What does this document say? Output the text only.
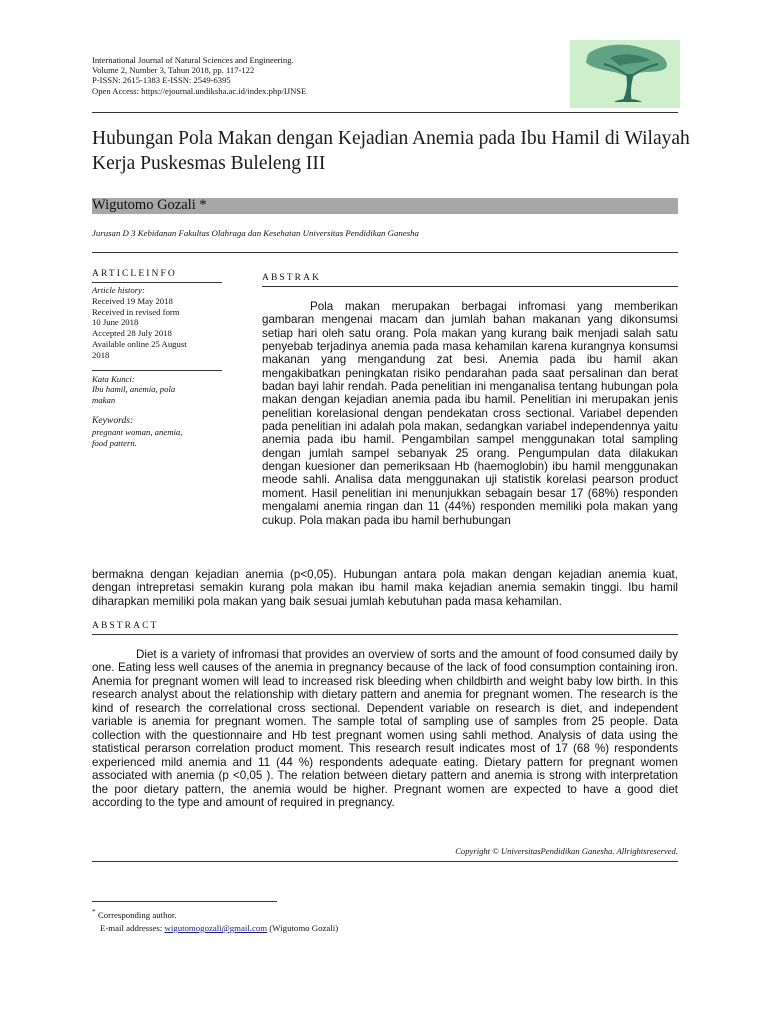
International Journal of Natural Sciences and Engineering.
Volume 2, Number 3, Tahun 2018, pp. 117-122
P-ISSN: 2615-1383 E-ISSN: 2549-6395
Open Access: https://ejournal.undiksha.ac.id/index.php/IJNSE
Hubungan Pola Makan dengan Kejadian Anemia pada Ibu Hamil di Wilayah Kerja Puskesmas Buleleng III
Wigutomo Gozali *
Jurusan D 3 Kebidanan Fakultas Olahraga dan Kesehatan Universitas Pendidikan Ganesha
ARTICLEINFO
Article history:
Received 19 May 2018
Received in revised form
10 June 2018
Accepted 28 July 2018
Available online 25 August
2018
Kata Kunci:
Ibu hamil, anemia, pola
makan
Keywords:
pregnant woman, anemia,
food pattern.
ABSTRAK
Pola makan merupakan berbagai infromasi yang memberikan gambaran mengenai macam dan jumlah bahan makanan yang dikonsumsi setiap hari oleh satu orang. Pola makan yang kurang baik menjadi salah satu penyebab terjadinya anemia pada masa kehamilan karena kurangnya konsumsi makanan yang mengandung zat besi. Anemia pada ibu hamil akan mengakibatkan peningkatan risiko pendarahan pada saat persalinan dan berat badan bayi lahir rendah. Pada penelitian ini menganalisa tentang hubungan pola makan dengan kejadian anemia pada ibu hamil. Penelitian ini merupakan jenis penelitian korelasional dengan pendekatan cross sectional. Variabel dependen pada penelitian ini adalah pola makan, sedangkan variabel independennya yaitu anemia pada ibu hamil. Pengambilan sampel menggunakan total sampling dengan jumlah sampel sebanyak 25 orang. Pengumpulan data dilakukan dengan kuesioner dan pemeriksaan Hb (haemoglobin) ibu hamil menggunakan meode sahli. Analisa data menggunakan uji statistik korelasi pearson product moment. Hasil penelitian ini menunjukkan sebagain besar 17 (68%) responden mengalami anemia ringan dan 11 (44%) responden memiliki pola makan yang cukup. Pola makan pada ibu hamil berhubungan
bermakna dengan kejadian anemia (p<0,05). Hubungan antara pola makan dengan kejadian anemia kuat, dengan intrepretasi semakin kurang pola makan ibu hamil maka kejadian anemia semakin tinggi. Ibu hamil diharapkan memiliki pola makan yang baik sesuai jumlah kebutuhan pada masa kehamilan.
ABSTRACT
Diet is a variety of infromasi that provides an overview of sorts and the amount of food consumed daily by one. Eating less well causes of the anemia in pregnancy because of the lack of food consumption containing iron. Anemia for pregnant women will lead to increased risk bleeding when childbirth and weight baby low birth. In this research analyst about the relationship with dietary pattern and anemia for pregnant women. The research is the kind of research the correlational cross sectional. Dependent variable on research is diet, and independent variable is anemia for pregnant women. The sample total of sampling use of samples from 25 people. Data collection with the questionnaire and Hb test pregnant women using sahli method. Analysis of data using the statistical perarson correlation product moment. This research result indicates most of 17 (68 %) respondents experienced mild anemia and 11 (44 %) respondents adequate eating. Dietary pattern for pregnant women associated with anemia (p <0,05 ). The relation between dietary pattern and anemia is strong with interpretation the poor dietary pattern, the anemia would be higher. Pregnant women are expected to have a good diet according to the type and amount of required in pregnancy.
Copyright © UniversitasPendidikan Ganesha. Allrightsreserved.
* Corresponding author.
E-mail addresses: wigutomogozali@gmail.com (Wigutomo Gozali)
